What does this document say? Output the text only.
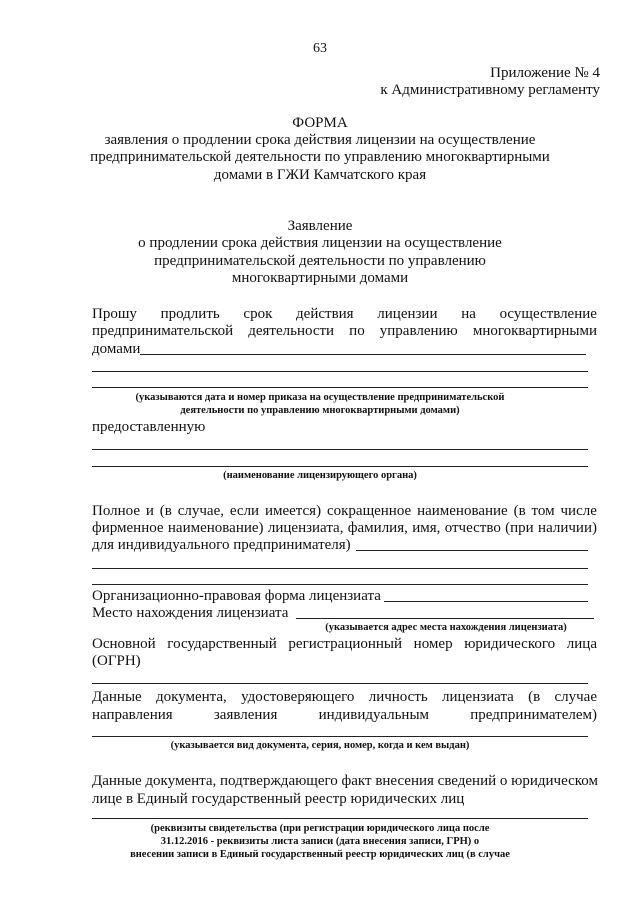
63
Приложение № 4
к Административному регламенту
ФОРМА
заявления о продлении срока действия лицензии на осуществление
предпринимательской деятельности по управлению многоквартирными
домами в ГЖИ Камчатского края
Заявление
о продлении срока действия лицензии на осуществление
предпринимательской деятельности по управлению
многоквартирными домами
Прошу продлить срок действия лицензии на осуществление
предпринимательской деятельности по управлению многоквартирными
домами
(указываются дата и номер приказа на осуществление предпринимательской
деятельности по управлению многоквартирными домами)
предоставленную
(наименование лицензирующего органа)
Полное и (в случае, если имеется) сокращенное наименование (в том числе
фирменное наименование) лицензиата, фамилия, имя, отчество (при наличии)
для индивидуального предпринимателя)
Организационно-правовая форма лицензиата
Место нахождения лицензиата
(указывается адрес места нахождения лицензиата)
Основной государственный регистрационный номер юридического лица
(ОГРН)
Данные документа, удостоверяющего личность лицензиата (в случае
направления	заявления	индивидуальным	предпринимателем)
(указывается вид документа, серия, номер, когда и кем выдан)
Данные документа, подтверждающего факт внесения сведений о юридическом
лице в Единый государственный реестр юридических лиц
(реквизиты свидетельства (при регистрации юридического лица после
31.12.2016 - реквизиты листа записи (дата внесения записи, ГРН) о
внесении записи в Единый государственный реестр юридических лиц (в случае
